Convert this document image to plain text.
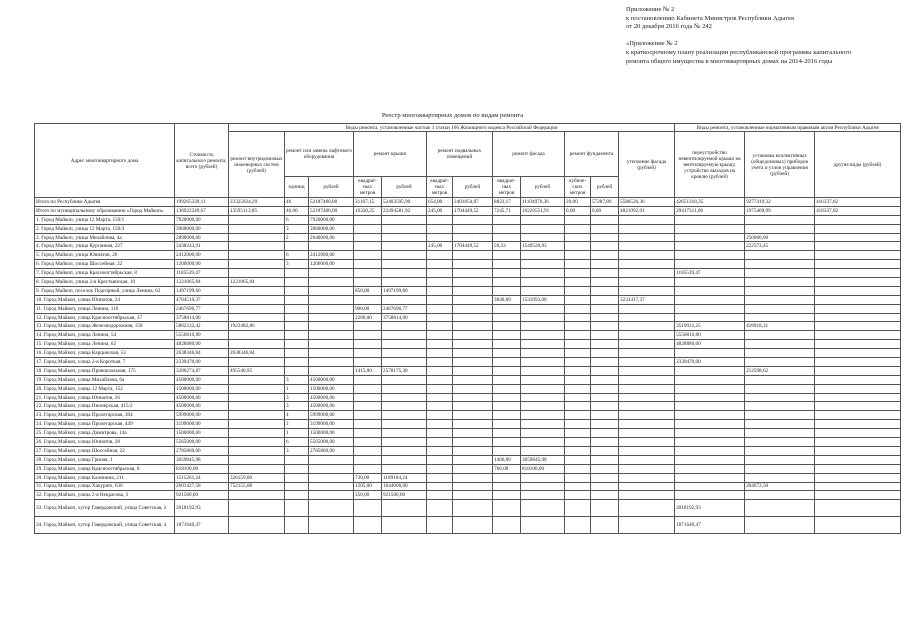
Приложение № 2
к постановлению Кабинета Министров Республики Адыгея
от 20 декабря 2016 года № 242
«Приложение № 2
к краткосрочному плану реализации республиканской программы капитального
ремонта общего имущества в многоквартирных домах на 2014-2016 годы
Реестр многоквартирных домов по видам ремонта
Адрес многоквартирного дома	Стоимость капитального ремонта, всего (рублей)	Виды ремонта, установленные частью 1 статьи 166 Жилищного кодекса Российской Федерации												Виды ремонта, установленные нормативным правовым актом Республики Адыгея		
		ремонт внутридомовых инженерных систем (рублей)	ремонт или замена лифтового оборудования		ремонт крыши		ремонт подвальных помещений		ремонт фасада		ремонт фундамента		утепление фасада (рублей)	переустройство невентилируемой крыши на вентилируемую крышу, устройство выходов на кровлю (рублей)	установка коллективных (общедомовых) приборов учета и узлов управления (рублей)	другие виды (рублей)
			единиц	рублей	квадрат-ных метров	рублей	квадрат-ных метров	рублей	квадрат-ных метров	рублей	кубиче-ских метров	рублей				
Итого по Республике Адыгея	199265339,11	23325824,29	46	52187460,00	31167,15	52403595,90	654,80	2401854,87	8823,17	11104976,36	20,00	57287,89	5586526,36	42651318,35	9277419,32	416337,82
Итого по муниципальному образованию «Город Майкоп»	136922249,67	13595113,85	46,00	52187460,00	16330,25	22494581,92	245,00	1704449,52	7245,71	10220551,91	0,00	0,00	4821092,01	29417311,06	1975469,99	416337,82
1. Город Майкоп, улица 12 Марта, 150/1	7920000,00		6	7920000,00												
2. Город Майкоп, улица 12 Марта, 150/3	3960000,00		3	3960000,00												
3. Город Майкоп, улица Михайлова, 4а	2890000,00		2	2640000,00											250000,00	
4. Город Майкоп, улица Курганная, 227	3438243,91						245,00	1704449,52	50,33	1549520,93					222373,45	
5. Город Майкоп, улица Юннатов, 26	2412000,00		6	2412000,00												
6. Город Майкоп, улица Шоссейная, 22	1206000,00		3	1206000,00												
7. Город Майкоп, улица Красноогтябрьская, 8	1185539,47													1185539,47		
8. Город Майкоп, улица 2-я Крестьянская, 10	1221065,84	1221065,84														
9. Город Майкоп, поселок Подгорный, улица Ленина, 62	1497199,60				850,00	1497199,60										
10. Город Майкоп, улица Юннатов, 24	4764510,37								3840,00	1531093,00			3233417,37			
11. Город Майкоп, улица Ленина, 116	2467696,77				900,00	2467696,77										
12. Город Майкоп, улица Красноогтябрьская, 37	3758814,00				2200,00	3758814,00										
13. Город Майкоп, улица Железнодорожная, 158	5862332,42	1923482,86												3519931,25	418918,31	
14. Город Майкоп, улица Ленина, 54	5556810,80													5556810,80		
15. Город Майкоп, улица Ленина, 62	4828880,00													4828880,00		
16. Город Майкоп, улица Карцинская, 53	2638346,84	2638346,84														
17. Город Майкоп, улица 2-я Короткая, 7	2339470,00													2339470,00		
18. Город Майкоп, улица Привокзальная, 175	3286274,87	495540,95			1415,00	2578175,30									212598,62	
19. Город Майкоп, улица Михайлова, 6а	4500000,00		3	4500000,00												
20. Город Майкоп, улица 12 Марта, 152	1500000,00		1	1500000,00												
21. Город Майкоп, улица Юннатов, 26	4500000,00		3	4500000,00												
22. Город Майкоп, улица Пионерская, 415/2	4500000,00		3	4500000,00												
23. Город Майкоп, улица Пролетарская, 304	5999000,00		4	5999000,00												
24. Город Майкоп, улица Пролетарская, 449	3199000,00		2	3199000,00												
25. Город Майкоп, улица Димитрова, 14а	1500000,00		1	1500000,00												
26. Город Майкоп, улица Юннатов, 28	5565000,00		6	5565000,00												
27. Город Майкоп, улица Шоссейная, 22	2785860,00		3	2785860,00												
28. Город Майкоп, улица Гриная, 1	3059845,98								1406,00	3059845,98						
29. Город Майкоп, улица Красноогтябрьская, 8	818100,00								766,00	818100,00						
30. Город Майкоп, улица Калинина, 211	1515261,24	326159,00			730,00	1189104,24										
31. Город Майкоп, улица Хакурате, 636	2601427,58	752155,08			1205,00	1644600,00									204672,50	
32. Город Майкоп, улица 2-я Некрасова, 3	921580,00				350,00	921580,00										
33. Город Майкоп, хутор Гавердовский, улица Советская, 2	2018192,93													2018192,93		
34. Город Майкоп, хутор Гавердовский, улица Советская, 4	1871640,47													1871640,47		
